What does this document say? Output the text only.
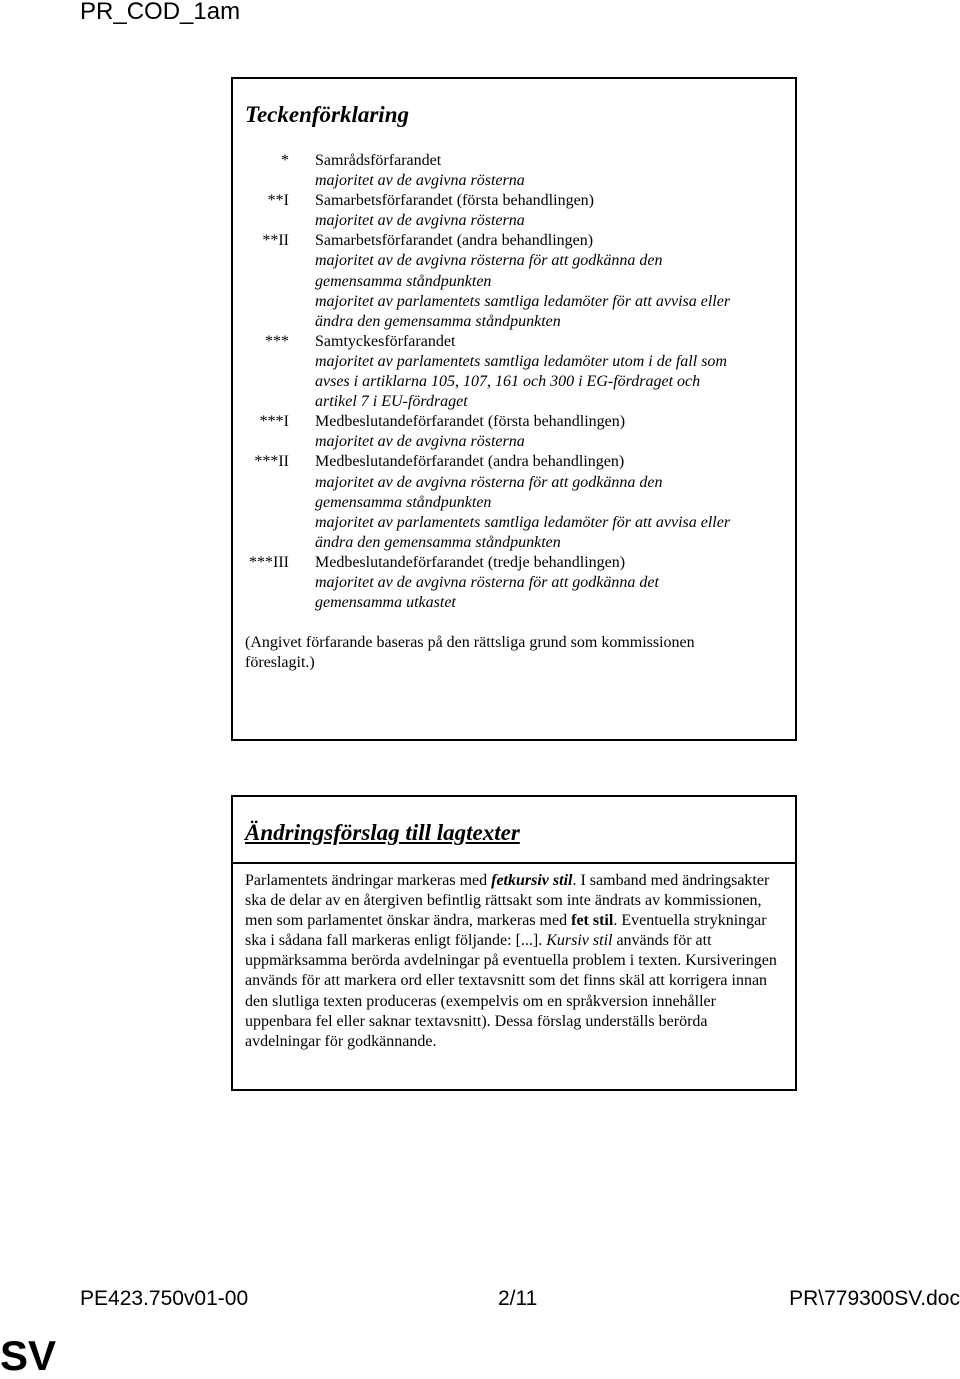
PR_COD_1am
Teckenförklaring
*	Samrådsförfarandet
majoritet av de avgivna rösterna
**I	Samarbetsförfarandet (första behandlingen)
majoritet av de avgivna rösterna
**II	Samarbetsförfarandet (andra behandlingen)
majoritet av de avgivna rösterna för att godkänna den
gemensamma ståndpunkten
majoritet av parlamentets samtliga ledamöter för att avvisa eller
ändra den gemensamma ståndpunkten
***	Samtyckesförfarandet
majoritet av parlamentets samtliga ledamöter utom i de fall som
avses i artiklarna 105, 107, 161 och 300 i EG-fördraget och
artikel 7 i EU-fördraget
***I	Medbeslutandeförfarandet (första behandlingen)
majoritet av de avgivna rösterna
***II	Medbeslutandeförfarandet (andra behandlingen)
majoritet av de avgivna rösterna för att godkänna den
gemensamma ståndpunkten
majoritet av parlamentets samtliga ledamöter för att avvisa eller
ändra den gemensamma ståndpunkten
***III	Medbeslutandeförfarandet (tredje behandlingen)
majoritet av de avgivna rösterna för att godkänna det
gemensamma utkastet
(Angivet förfarande baseras på den rättsliga grund som kommissionen föreslagit.)
Ändringsförslag till lagtexter
Parlamentets ändringar markeras med fetkursiv stil. I samband med ändringsakter ska de delar av en återgiven befintlig rättsakt som inte ändrats av kommissionen, men som parlamentet önskar ändra, markeras med fet stil. Eventuella strykningar ska i sådana fall markeras enligt följande: [...]. Kursiv stil används för att uppmärksamma berörda avdelningar på eventuella problem i texten. Kursiveringen används för att markera ord eller textavsnitt som det finns skäl att korrigera innan den slutliga texten produceras (exempelvis om en språkversion innehåller uppenbara fel eller saknar textavsnitt). Dessa förslag underställs berörda avdelningar för godkännande.
PE423.750v01-00	2/11	PR\779300SV.doc
SV
